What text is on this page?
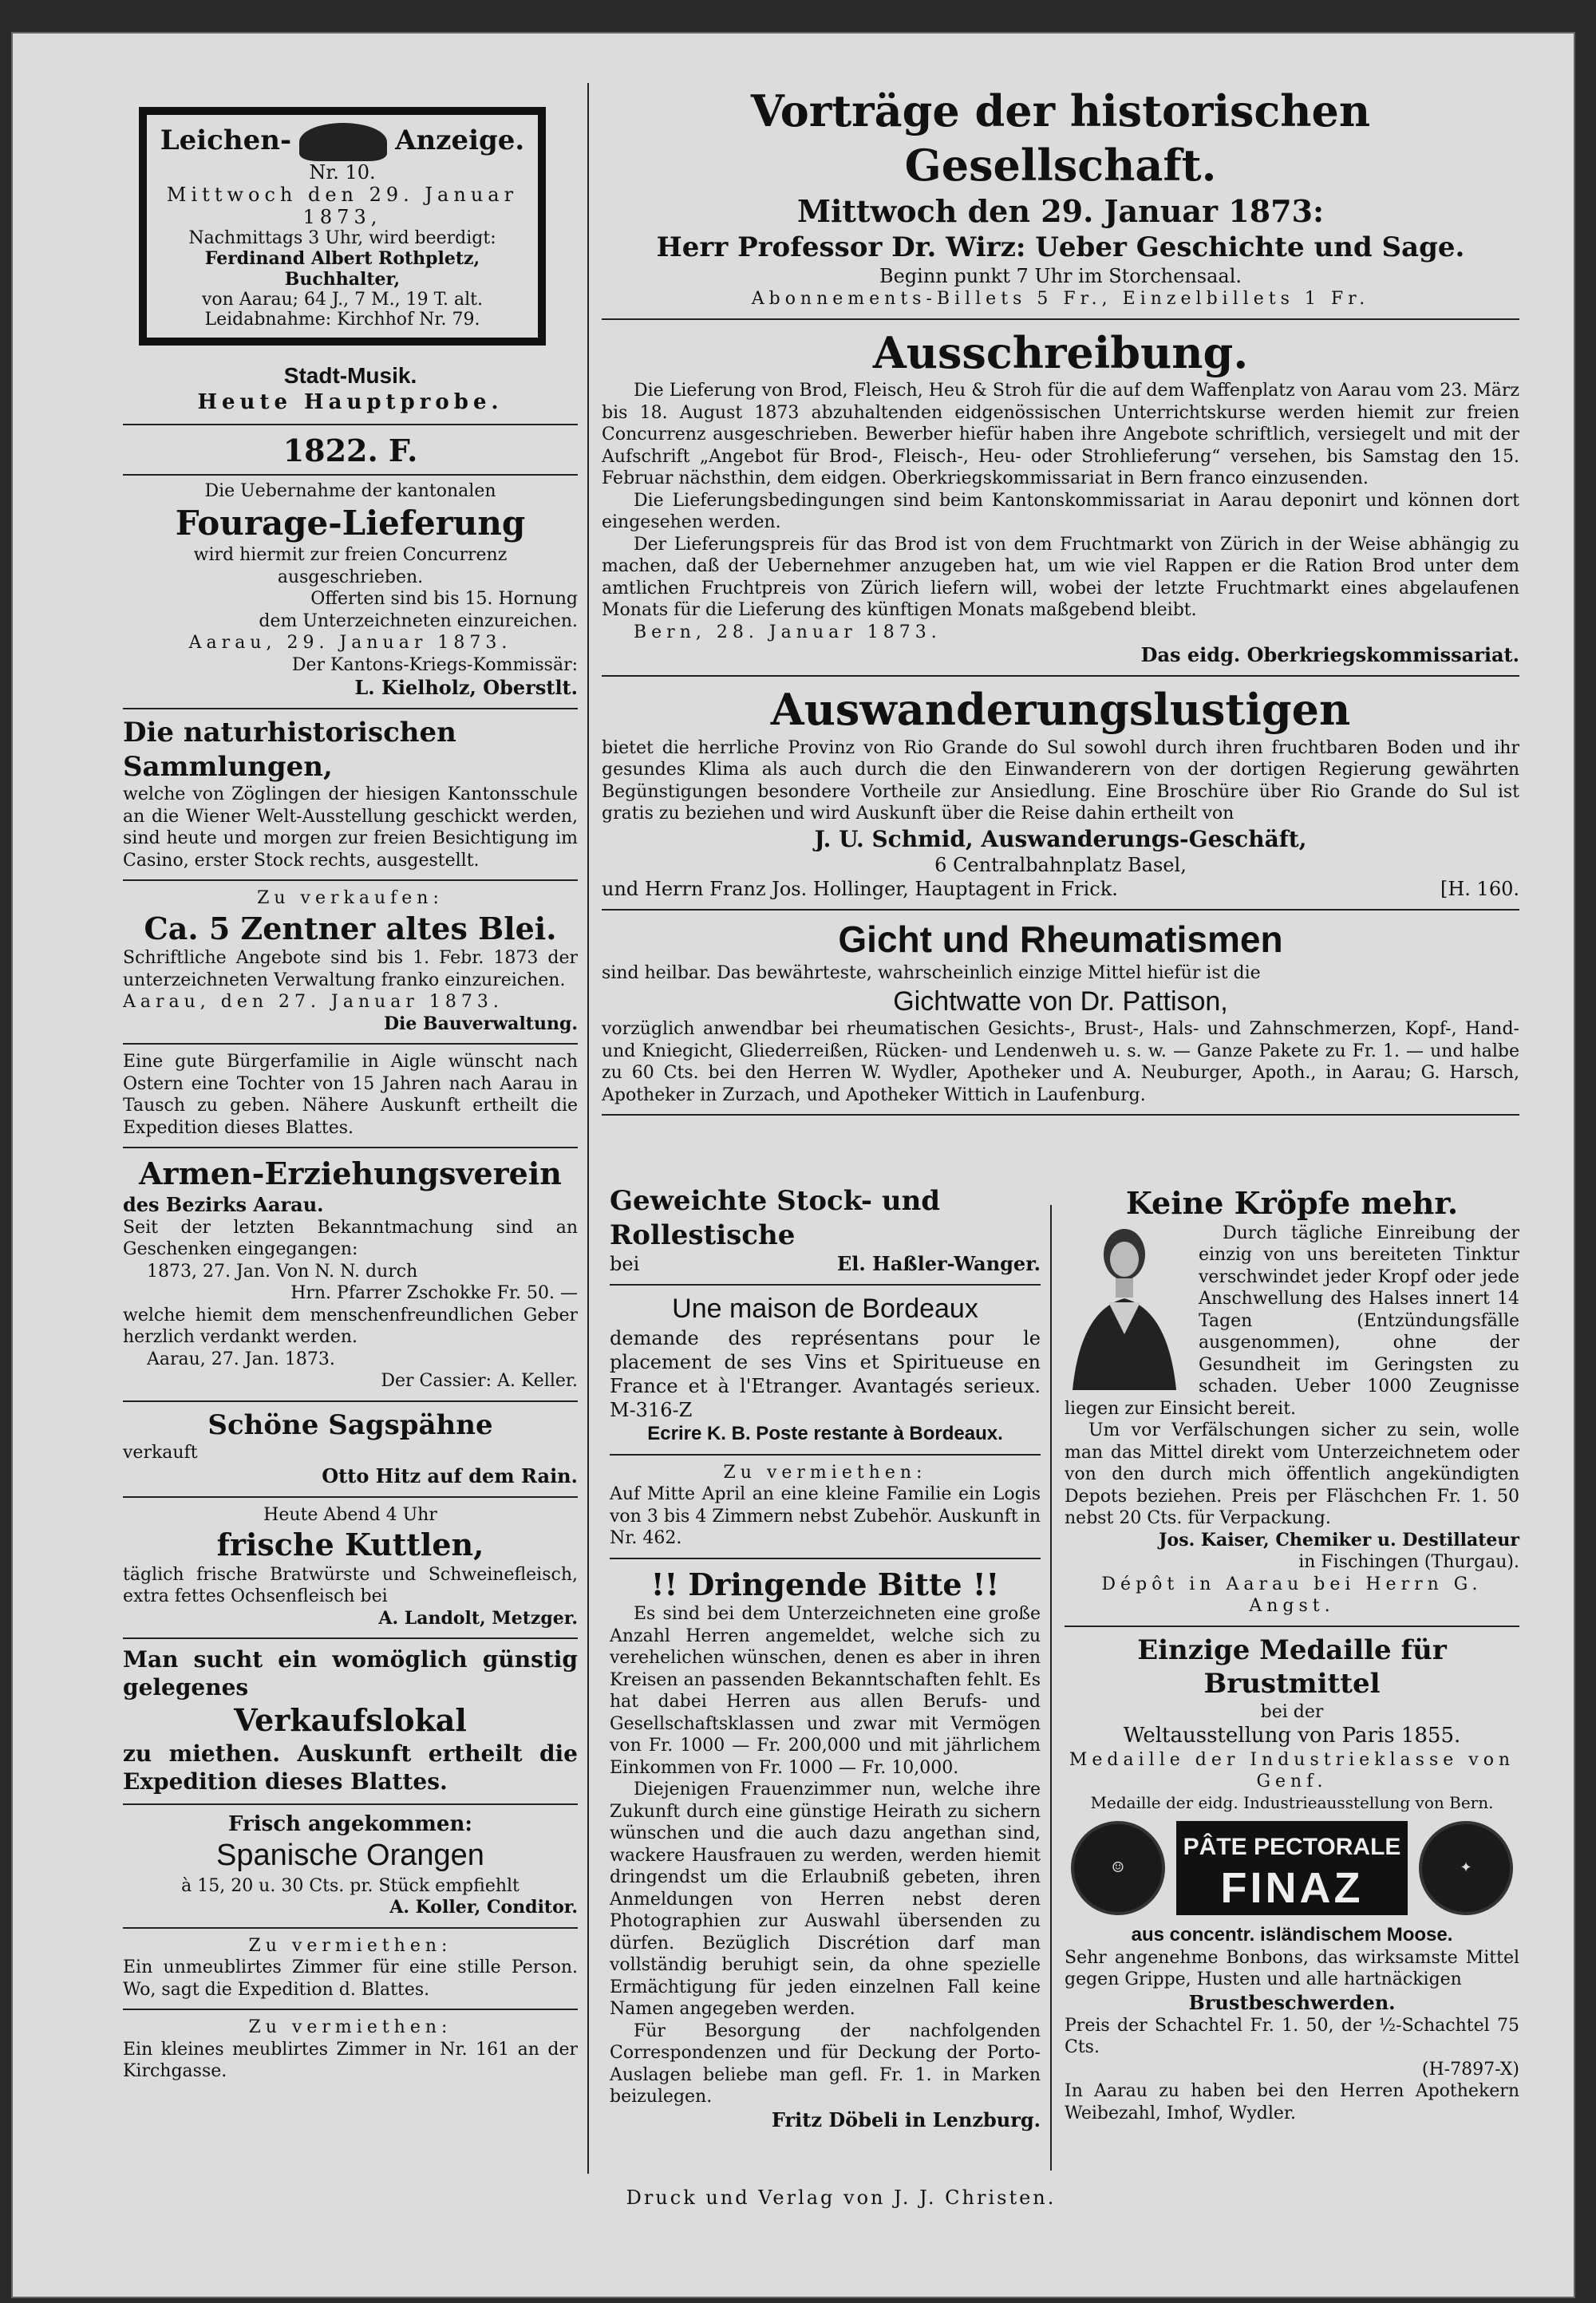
Leichen-	Anzeige.
Nr. 10.
Mittwoch den 29. Januar 1873,
Nachmittags 3 Uhr, wird beerdigt:
Ferdinand Albert Rothpletz, Buchhalter,
von Aarau; 64 J., 7 M., 19 T. alt.
Leidabnahme: Kirchhof Nr. 79.
Stadt-Musik.
Heute Hauptprobe.
1822. F.
Die Uebernahme der kantonalen
Fourage-Lieferung
wird hiermit zur freien Concurrenz ausgeschrieben.
Offerten sind bis 15. Hornung
dem Unterzeichneten einzureichen.
Aarau, 29. Januar 1873.
Der Kantons-Kriegs-Kommissär:
L. Kielholz, Oberstlt.
Die naturhistorischen Sammlungen,
welche von Zöglingen der hiesigen Kantonsschule an die Wiener Welt-Ausstellung geschickt werden, sind heute und morgen zur freien Besichtigung im Casino, erster Stock rechts, ausgestellt.
Zu verkaufen:
Ca. 5 Zentner altes Blei.
Schriftliche Angebote sind bis 1. Febr. 1873 der unterzeichneten Verwaltung franko einzureichen.
Aarau, den 27. Januar 1873.
Die Bauverwaltung.
Eine gute Bürgerfamilie in Aigle wünscht nach Ostern eine Tochter von 15 Jahren nach Aarau in Tausch zu geben. Nähere Auskunft ertheilt die Expedition dieses Blattes.
Armen-Erziehungsverein
des Bezirks Aarau.
Seit der letzten Bekanntmachung sind an Geschenken eingegangen:
1873, 27. Jan. Von N. N. durch
Hrn. Pfarrer Zschokke Fr. 50. —
welche hiemit dem menschenfreundlichen Geber herzlich verdankt werden.
Aarau, 27. Jan. 1873.
Der Cassier: A. Keller.
Schöne Sagspähne
verkauft
Otto Hitz auf dem Rain.
Heute Abend 4 Uhr
frische Kuttlen,
täglich frische Bratwürste und Schweinefleisch, extra fettes Ochsenfleisch bei
A. Landolt, Metzger.
Man sucht ein womöglich günstig gelegenes
Verkaufslokal
zu miethen. Auskunft ertheilt die Expedition dieses Blattes.
Frisch angekommen:
Spanische Orangen
à 15, 20 u. 30 Cts. pr. Stück empfiehlt
A. Koller, Conditor.
Zu vermiethen:
Ein unmeublirtes Zimmer für eine stille Person. Wo, sagt die Expedition d. Blattes.
Zu vermiethen:
Ein kleines meublirtes Zimmer in Nr. 161 an der Kirchgasse.
Vorträge der historischen Gesellschaft.
Mittwoch den 29. Januar 1873:
Herr Professor Dr. Wirz: Ueber Geschichte und Sage.
Beginn punkt 7 Uhr im Storchensaal.
Abonnements-Billets 5 Fr., Einzelbillets 1 Fr.
Ausschreibung.
Die Lieferung von Brod, Fleisch, Heu & Stroh für die auf dem Waffenplatz von Aarau vom 23. März bis 18. August 1873 abzuhaltenden eidgenössischen Unterrichtskurse werden hiemit zur freien Concurrenz ausgeschrieben. Bewerber hiefür haben ihre Angebote schriftlich, versiegelt und mit der Aufschrift „Angebot für Brod-, Fleisch-, Heu- oder Strohlieferung“ versehen, bis Samstag den 15. Februar nächsthin, dem eidgen. Oberkriegskommissariat in Bern franco einzusenden.
Die Lieferungsbedingungen sind beim Kantonskommissariat in Aarau deponirt und können dort eingesehen werden.
Der Lieferungspreis für das Brod ist von dem Fruchtmarkt von Zürich in der Weise abhängig zu machen, daß der Uebernehmer anzugeben hat, um wie viel Rappen er die Ration Brod unter dem amtlichen Fruchtpreis von Zürich liefern will, wobei der letzte Fruchtmarkt eines abgelaufenen Monats für die Lieferung des künftigen Monats maßgebend bleibt.
Bern, 28. Januar 1873.
Das eidg. Oberkriegskommissariat.
Auswanderungslustigen
bietet die herrliche Provinz von Rio Grande do Sul sowohl durch ihren fruchtbaren Boden und ihr gesundes Klima als auch durch die den Einwanderern von der dortigen Regierung gewährten Begünstigungen besondere Vortheile zur Ansiedlung. Eine Broschüre über Rio Grande do Sul ist gratis zu beziehen und wird Auskunft über die Reise dahin ertheilt von
J. U. Schmid, Auswanderungs-Geschäft,
6 Centralbahnplatz Basel,
und Herrn Franz Jos. Hollinger, Hauptagent in Frick.	[H. 160.
Gicht und Rheumatismen
sind heilbar. Das bewährteste, wahrscheinlich einzige Mittel hiefür ist die
Gichtwatte von Dr. Pattison,
vorzüglich anwendbar bei rheumatischen Gesichts-, Brust-, Hals- und Zahnschmerzen, Kopf-, Hand- und Kniegicht, Gliederreißen, Rücken- und Lendenweh u. s. w. — Ganze Pakete zu Fr. 1. — und halbe zu 60 Cts. bei den Herren W. Wydler, Apotheker und A. Neuburger, Apoth., in Aarau; G. Harsch, Apotheker in Zurzach, und Apotheker Wittich in Laufenburg.
Geweichte Stock- und Rollestische
bei	El. Haßler-Wanger.
Une maison de Bordeaux
demande des représentans pour le placement de ses Vins et Spiritueuse en France et à l'Etranger. Avantagés serieux. M-316-Z
Ecrire K. B. Poste restante à Bordeaux.
Zu vermiethen:
Auf Mitte April an eine kleine Familie ein Logis von 3 bis 4 Zimmern nebst Zubehör. Auskunft in Nr. 462.
!! Dringende Bitte !!
Es sind bei dem Unterzeichneten eine große Anzahl Herren angemeldet, welche sich zu verehelichen wünschen, denen es aber in ihren Kreisen an passenden Bekanntschaften fehlt. Es hat dabei Herren aus allen Berufs- und Gesellschaftsklassen und zwar mit Vermögen von Fr. 1000 — Fr. 200,000 und mit jährlichem Einkommen von Fr. 1000 — Fr. 10,000.
Diejenigen Frauenzimmer nun, welche ihre Zukunft durch eine günstige Heirath zu sichern wünschen und die auch dazu angethan sind, wackere Hausfrauen zu werden, werden hiemit dringendst um die Erlaubniß gebeten, ihren Anmeldungen von Herren nebst deren Photographien zur Auswahl übersenden zu dürfen. Bezüglich Discrétion darf man vollständig beruhigt sein, da ohne spezielle Ermächtigung für jeden einzelnen Fall keine Namen angegeben werden.
Für Besorgung der nachfolgenden Correspondenzen und für Deckung der Porto-Auslagen beliebe man gefl. Fr. 1. in Marken beizulegen.
Fritz Döbeli in Lenzburg.
Keine Kröpfe mehr.
Durch tägliche Einreibung der einzig von uns bereiteten Tinktur verschwindet jeder Kropf oder jede Anschwellung des Halses innert 14 Tagen (Entzündungsfälle ausgenommen), ohne der Gesundheit im Geringsten zu schaden. Ueber 1000 Zeugnisse liegen zur Einsicht bereit.
Um vor Verfälschungen sicher zu sein, wolle man das Mittel direkt vom Unterzeichnetem oder von den durch mich öffentlich angekündigten Depots beziehen. Preis per Fläschchen Fr. 1. 50 nebst 20 Cts. für Verpackung.
Jos. Kaiser, Chemiker u. Destillateur
in Fischingen (Thurgau).
Dépôt in Aarau bei Herrn G. Angst.
Einzige Medaille für Brustmittel
bei der
Weltausstellung von Paris 1855.
Medaille der Industrieklasse von Genf.
Medaille der eidg. Industrieausstellung von Bern.
☺
PÂTE PECTORALE
FINAZ	✦
aus concentr. isländischem Moose.
Sehr angenehme Bonbons, das wirksamste Mittel gegen Grippe, Husten und alle hartnäckigen
Brustbeschwerden.
Preis der Schachtel Fr. 1. 50, der ½-Schachtel 75 Cts.
(H-7897-X)
In Aarau zu haben bei den Herren Apothekern Weibezahl, Imhof, Wydler.
Druck und Verlag von J. J. Christen.
